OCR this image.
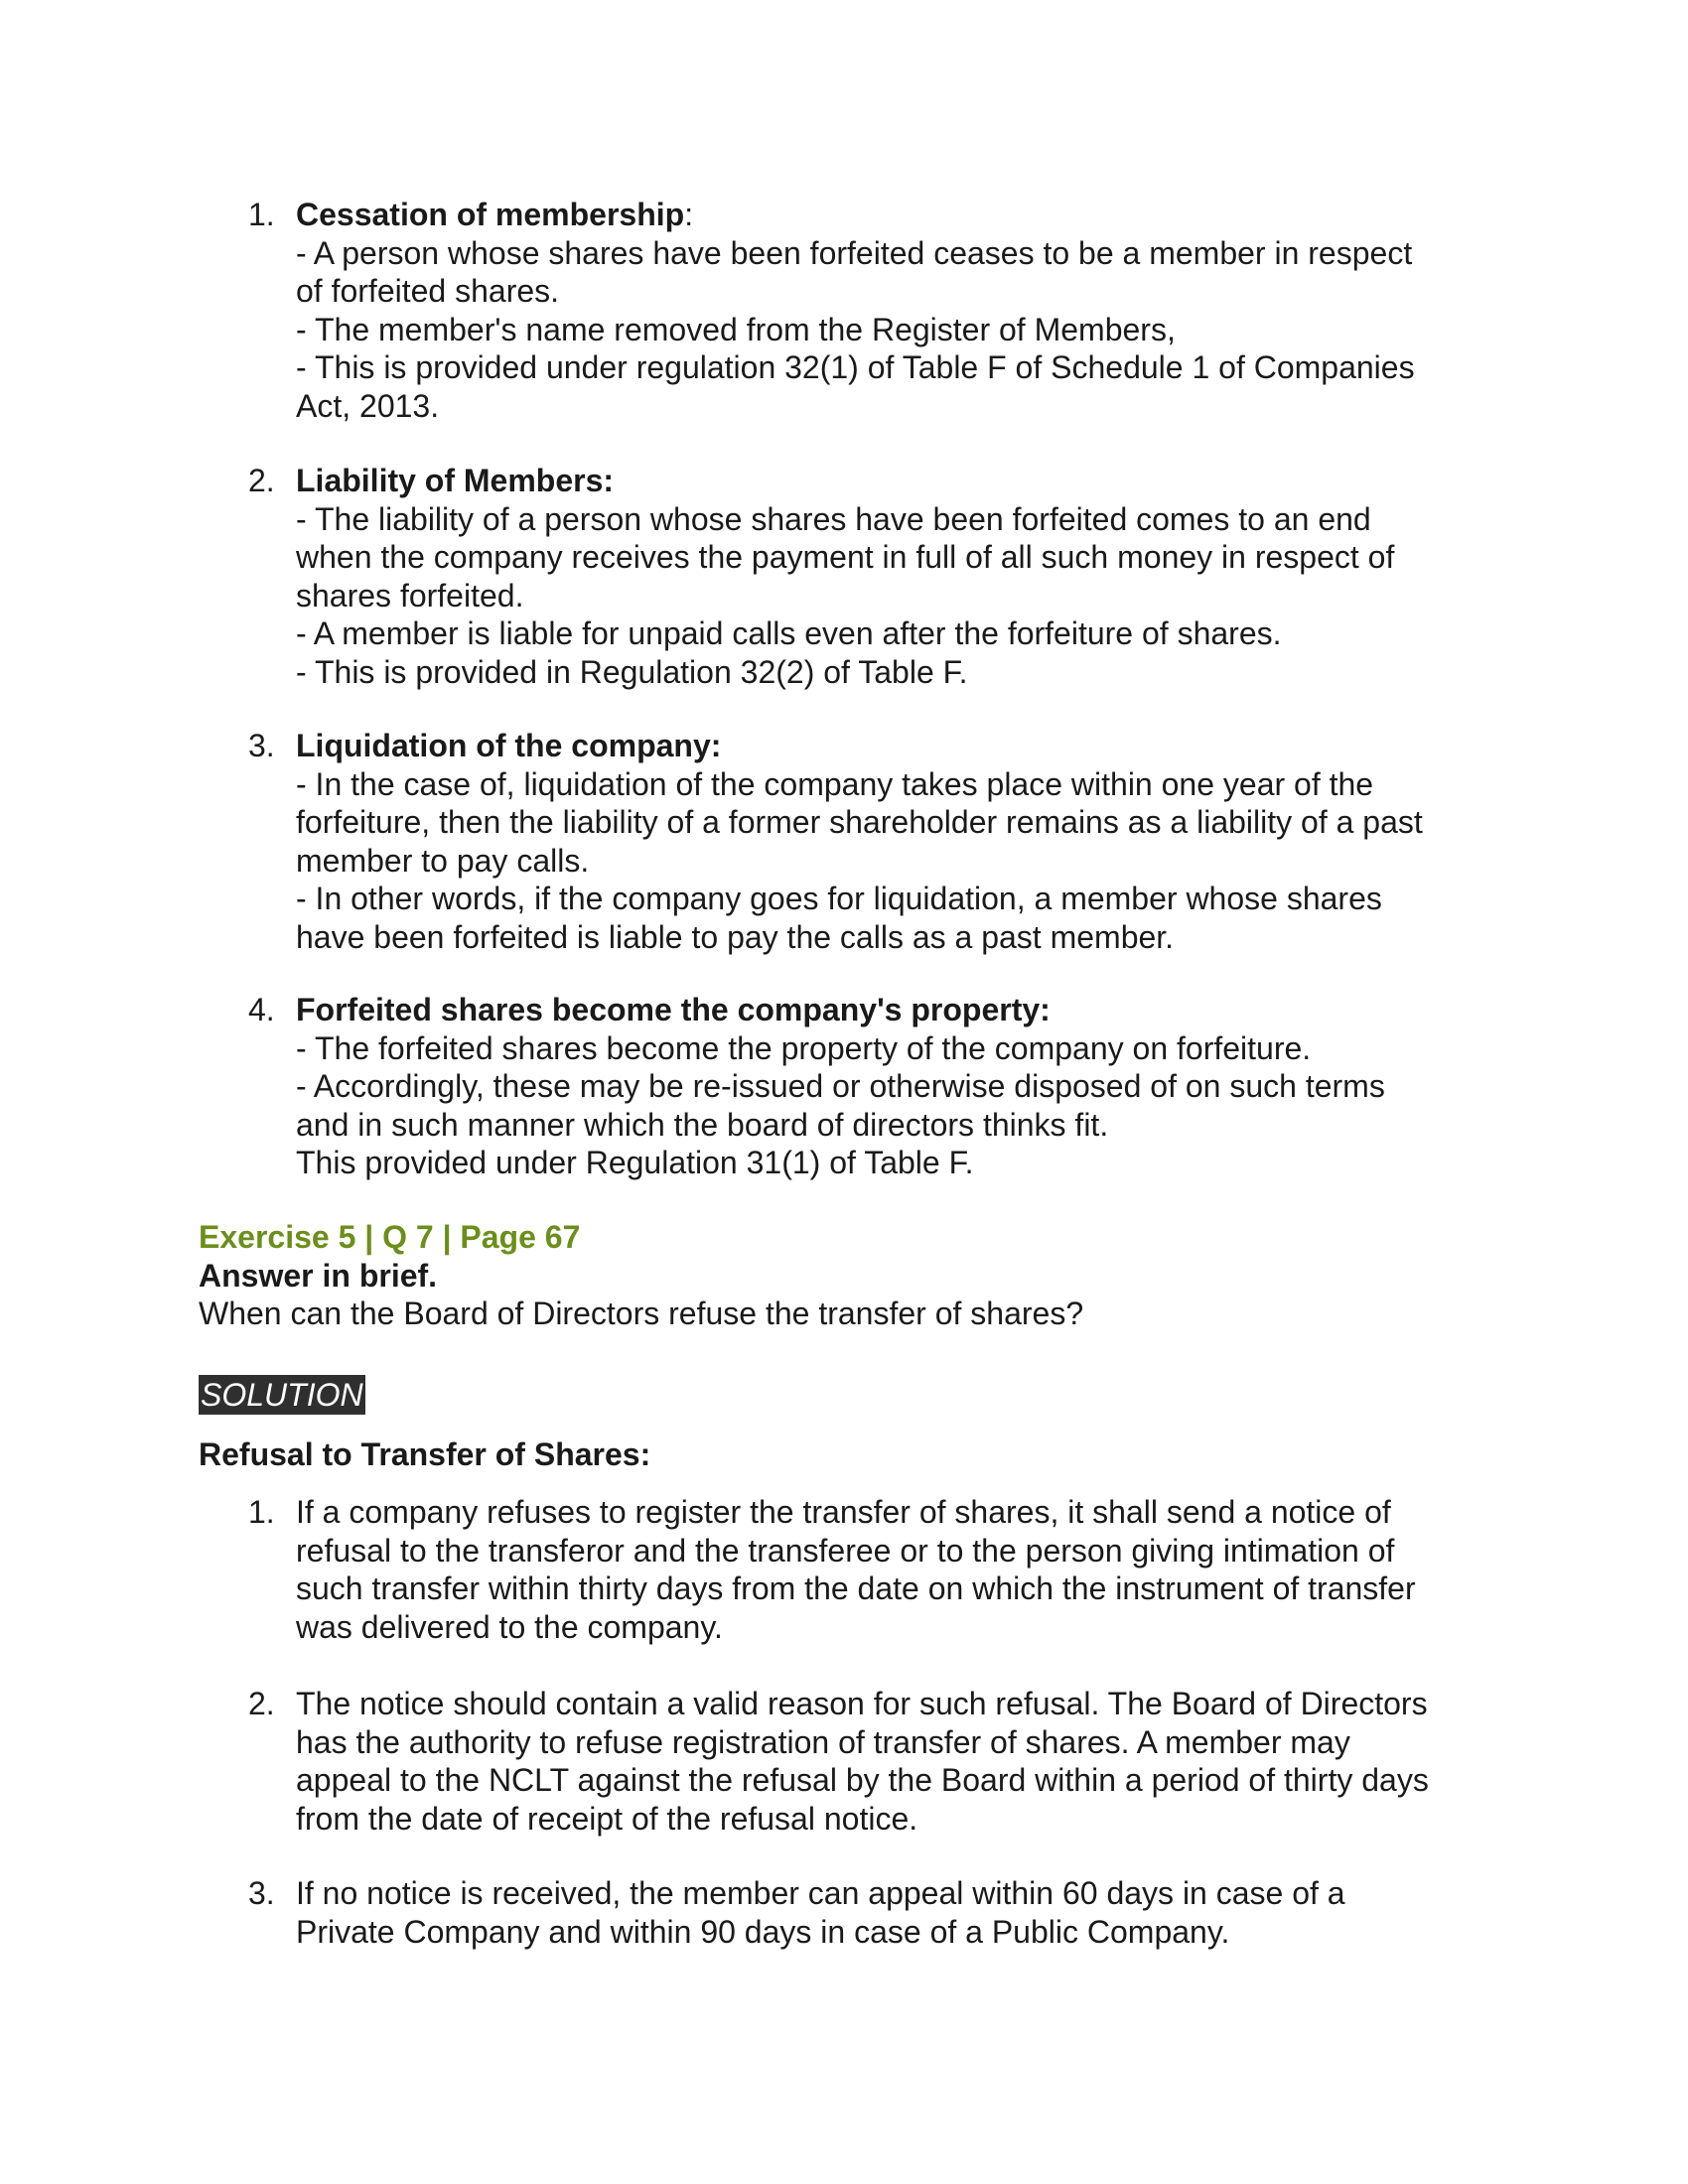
1. Cessation of membership:
- A person whose shares have been forfeited ceases to be a member in respect
of forfeited shares.
- The member's name removed from the Register of Members,
- This is provided under regulation 32(1) of Table F of Schedule 1 of Companies
Act, 2013.
2. Liability of Members:
- The liability of a person whose shares have been forfeited comes to an end
when the company receives the payment in full of all such money in respect of
shares forfeited.
- A member is liable for unpaid calls even after the forfeiture of shares.
- This is provided in Regulation 32(2) of Table F.
3. Liquidation of the company:
- In the case of, liquidation of the company takes place within one year of the
forfeiture, then the liability of a former shareholder remains as a liability of a past
member to pay calls.
- In other words, if the company goes for liquidation, a member whose shares
have been forfeited is liable to pay the calls as a past member.
4. Forfeited shares become the company's property:
- The forfeited shares become the property of the company on forfeiture.
- Accordingly, these may be re-issued or otherwise disposed of on such terms
and in such manner which the board of directors thinks fit.
This provided under Regulation 31(1) of Table F.
Exercise 5 | Q 7 | Page 67
Answer in brief.
When can the Board of Directors refuse the transfer of shares?
SOLUTION
Refusal to Transfer of Shares:
1. If a company refuses to register the transfer of shares, it shall send a notice of
refusal to the transferor and the transferee or to the person giving intimation of
such transfer within thirty days from the date on which the instrument of transfer
was delivered to the company.
2. The notice should contain a valid reason for such refusal. The Board of Directors
has the authority to refuse registration of transfer of shares. A member may
appeal to the NCLT against the refusal by the Board within a period of thirty days
from the date of receipt of the refusal notice.
3. If no notice is received, the member can appeal within 60 days in case of a
Private Company and within 90 days in case of a Public Company.
